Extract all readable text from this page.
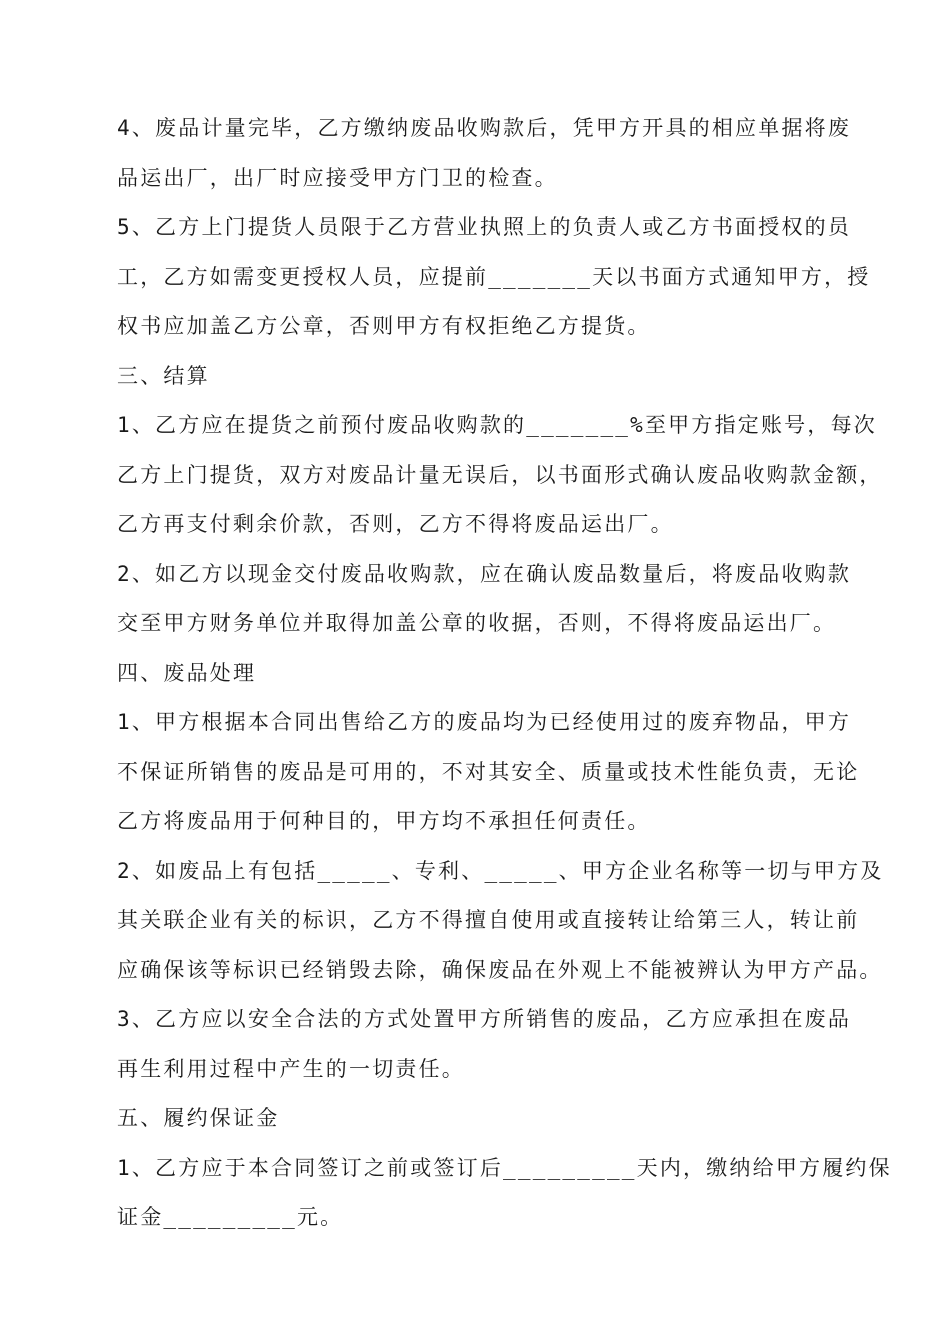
4、废品计量完毕，乙方缴纳废品收购款后，凭甲方开具的相应单据将废
品运出厂，出厂时应接受甲方门卫的检查。
5、乙方上门提货人员限于乙方营业执照上的负责人或乙方书面授权的员
工，乙方如需变更授权人员，应提前_______天以书面方式通知甲方，授
权书应加盖乙方公章，否则甲方有权拒绝乙方提货。
三、结算
1、乙方应在提货之前预付废品收购款的_______%至甲方指定账号，每次
乙方上门提货，双方对废品计量无误后，以书面形式确认废品收购款金额，
乙方再支付剩余价款，否则，乙方不得将废品运出厂。
2、如乙方以现金交付废品收购款，应在确认废品数量后，将废品收购款
交至甲方财务单位并取得加盖公章的收据，否则，不得将废品运出厂。
四、废品处理
1、甲方根据本合同出售给乙方的废品均为已经使用过的废弃物品，甲方
不保证所销售的废品是可用的，不对其安全、质量或技术性能负责，无论
乙方将废品用于何种目的，甲方均不承担任何责任。
2、如废品上有包括_____、专利、_____、甲方企业名称等一切与甲方及
其关联企业有关的标识，乙方不得擅自使用或直接转让给第三人，转让前
应确保该等标识已经销毁去除，确保废品在外观上不能被辨认为甲方产品。
3、乙方应以安全合法的方式处置甲方所销售的废品，乙方应承担在废品
再生利用过程中产生的一切责任。
五、履约保证金
1、乙方应于本合同签订之前或签订后_________天内，缴纳给甲方履约保
证金_________元。
